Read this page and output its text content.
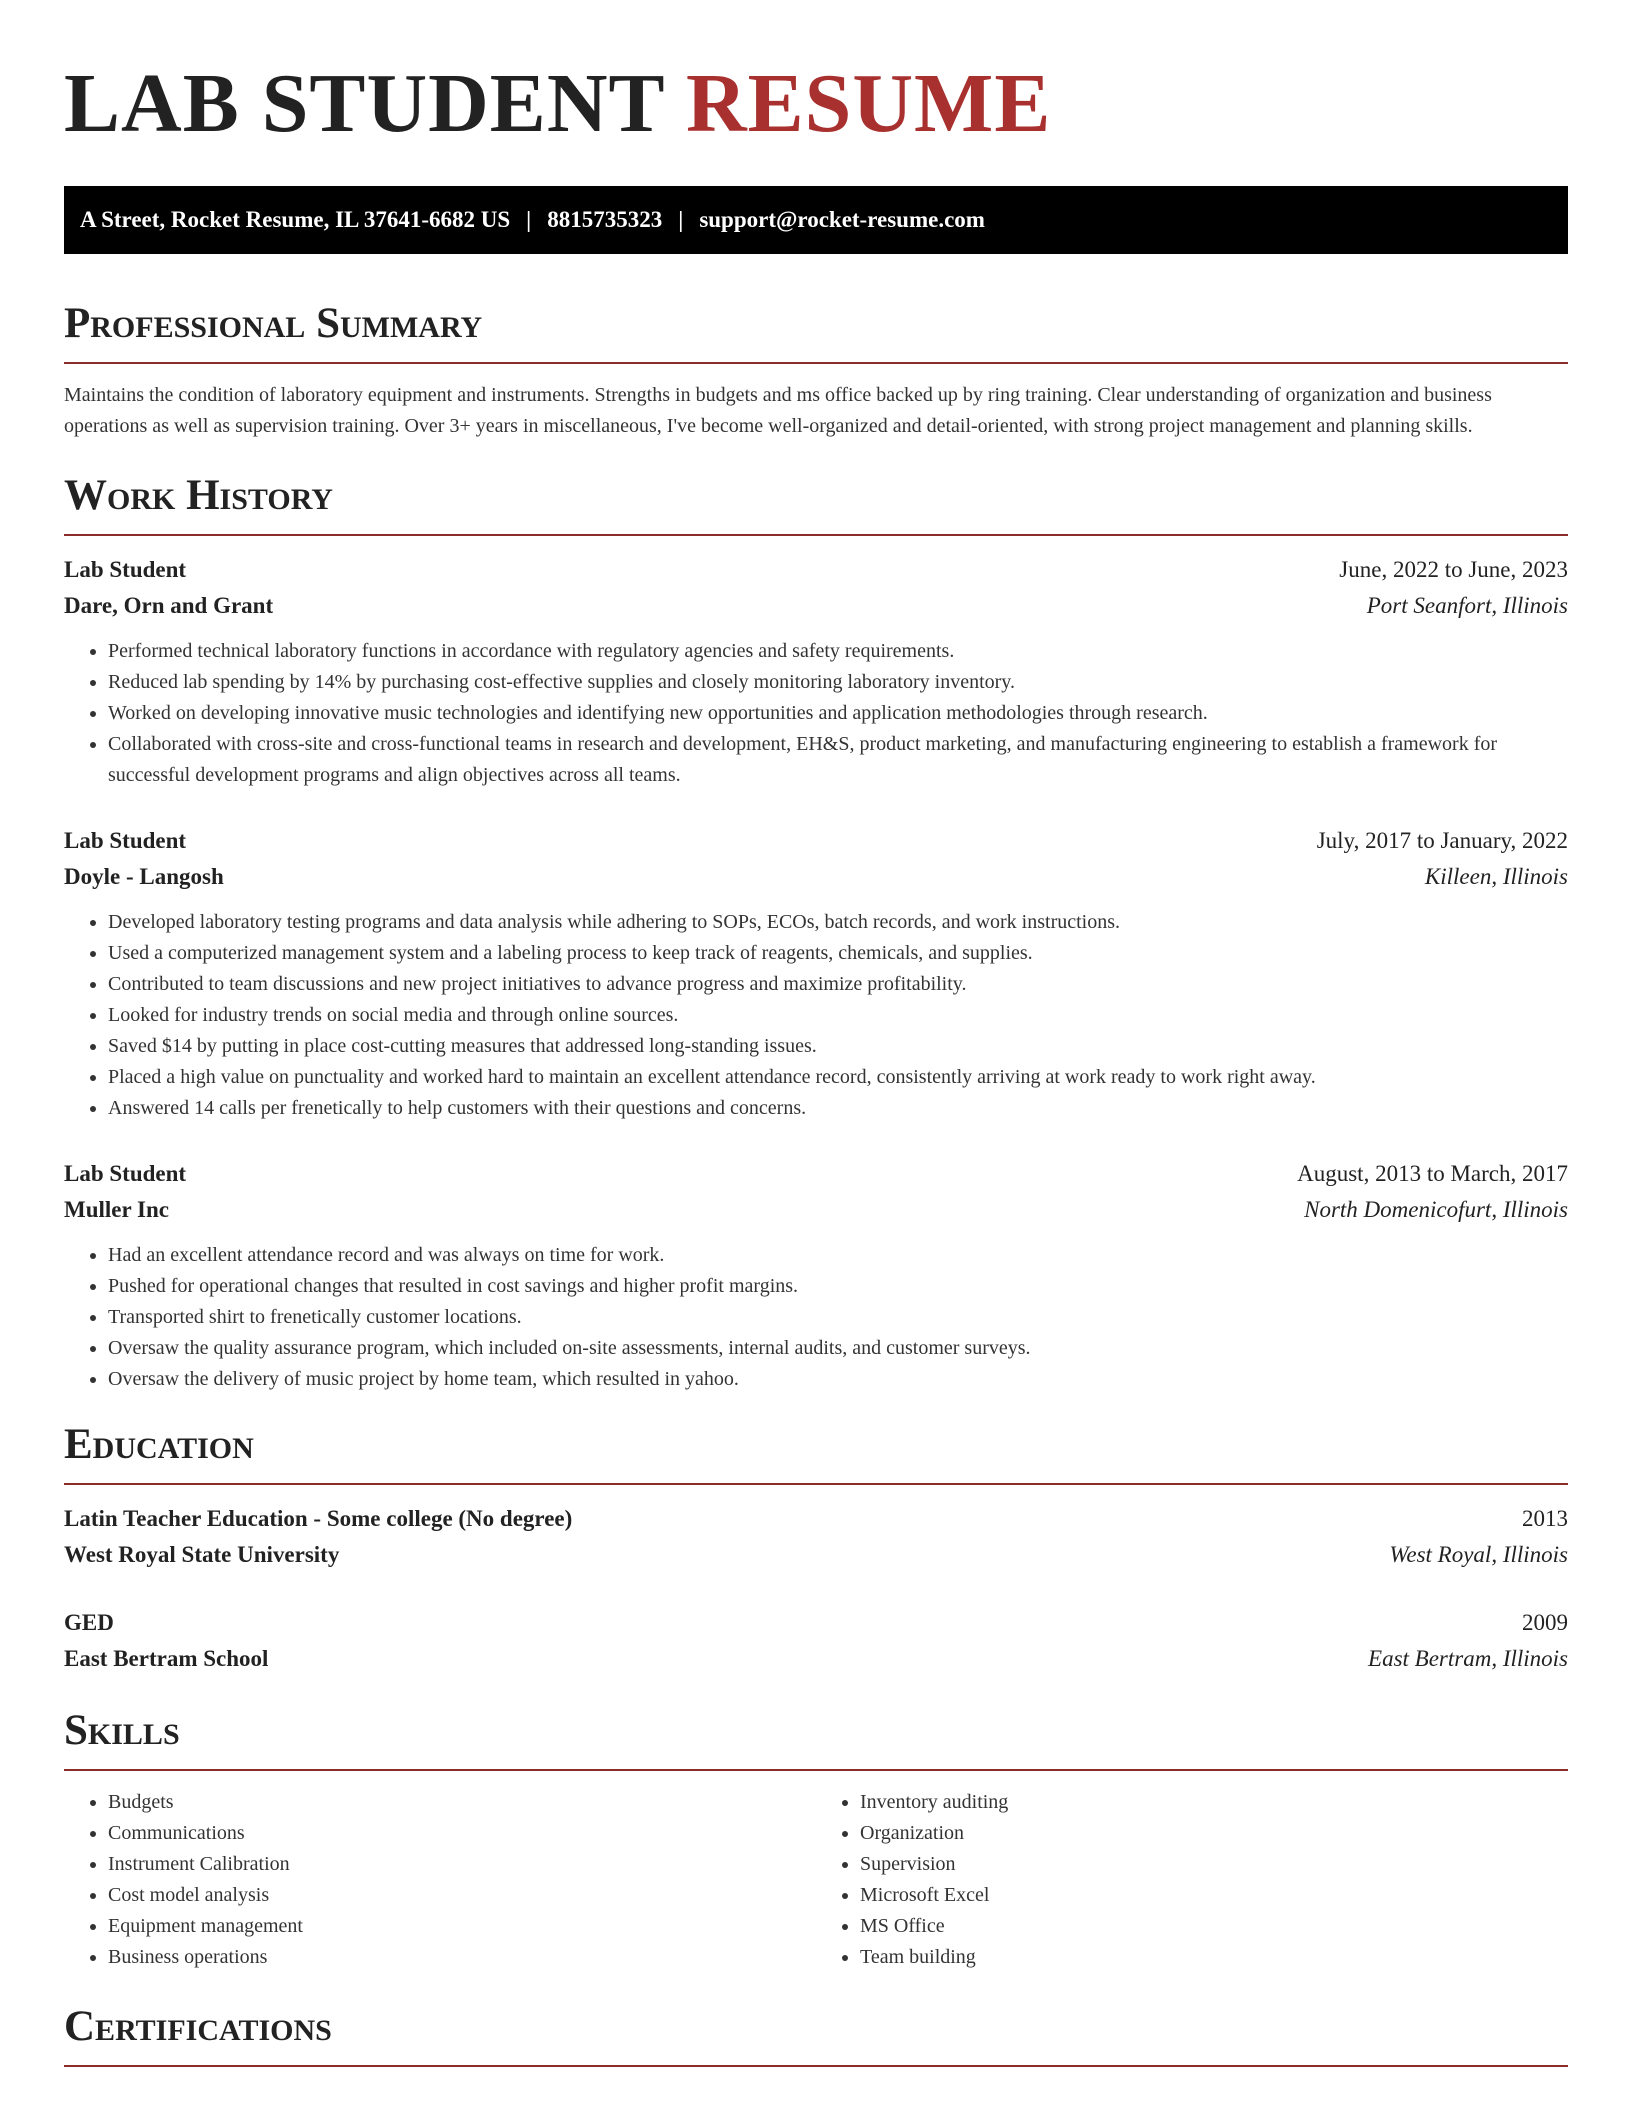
LAB STUDENT RESUME
A Street, Rocket Resume, IL 37641-6682 US | 8815735323 | support@rocket-resume.com
Professional Summary

Maintains the condition of laboratory equipment and instruments. Strengths in budgets and ms office backed up by ring training. Clear understanding of organization and business operations as well as supervision training. Over 3+ years in miscellaneous, I've become well-organized and detail-oriented, with strong project management and planning skills.

Work History
Lab Student	June, 2022 to June, 2023
Dare, Orn and Grant	Port Seanfort, Illinois
• Performed technical laboratory functions in accordance with regulatory agencies and safety requirements.
• Reduced lab spending by 14% by purchasing cost-effective supplies and closely monitoring laboratory inventory.
• Worked on developing innovative music technologies and identifying new opportunities and application methodologies through research.
• Collaborated with cross-site and cross-functional teams in research and development, EH&S, product marketing, and manufacturing engineering to establish a framework for successful development programs and align objectives across all teams.
Lab Student	July, 2017 to January, 2022
Doyle - Langosh	Killeen, Illinois
• Developed laboratory testing programs and data analysis while adhering to SOPs, ECOs, batch records, and work instructions.
• Used a computerized management system and a labeling process to keep track of reagents, chemicals, and supplies.
• Contributed to team discussions and new project initiatives to advance progress and maximize profitability.
• Looked for industry trends on social media and through online sources.
• Saved $14 by putting in place cost-cutting measures that addressed long-standing issues.
• Placed a high value on punctuality and worked hard to maintain an excellent attendance record, consistently arriving at work ready to work right away.
• Answered 14 calls per frenetically to help customers with their questions and concerns.
Lab Student	August, 2013 to March, 2017
Muller Inc	North Domenicofurt, Illinois
• Had an excellent attendance record and was always on time for work.
• Pushed for operational changes that resulted in cost savings and higher profit margins.
• Transported shirt to frenetically customer locations.
• Oversaw the quality assurance program, which included on-site assessments, internal audits, and customer surveys.
• Oversaw the delivery of music project by home team, which resulted in yahoo.
Education
Latin Teacher Education - Some college (No degree)	2013
West Royal State University	West Royal, Illinois
GED	2009
East Bertram School	East Bertram, Illinois
Skills
• Budgets
• Communications
• Instrument Calibration
• Cost model analysis
• Equipment management
• Business operations
• Inventory auditing
• Organization
• Supervision
• Microsoft Excel
• MS Office
• Team building
Certifications
